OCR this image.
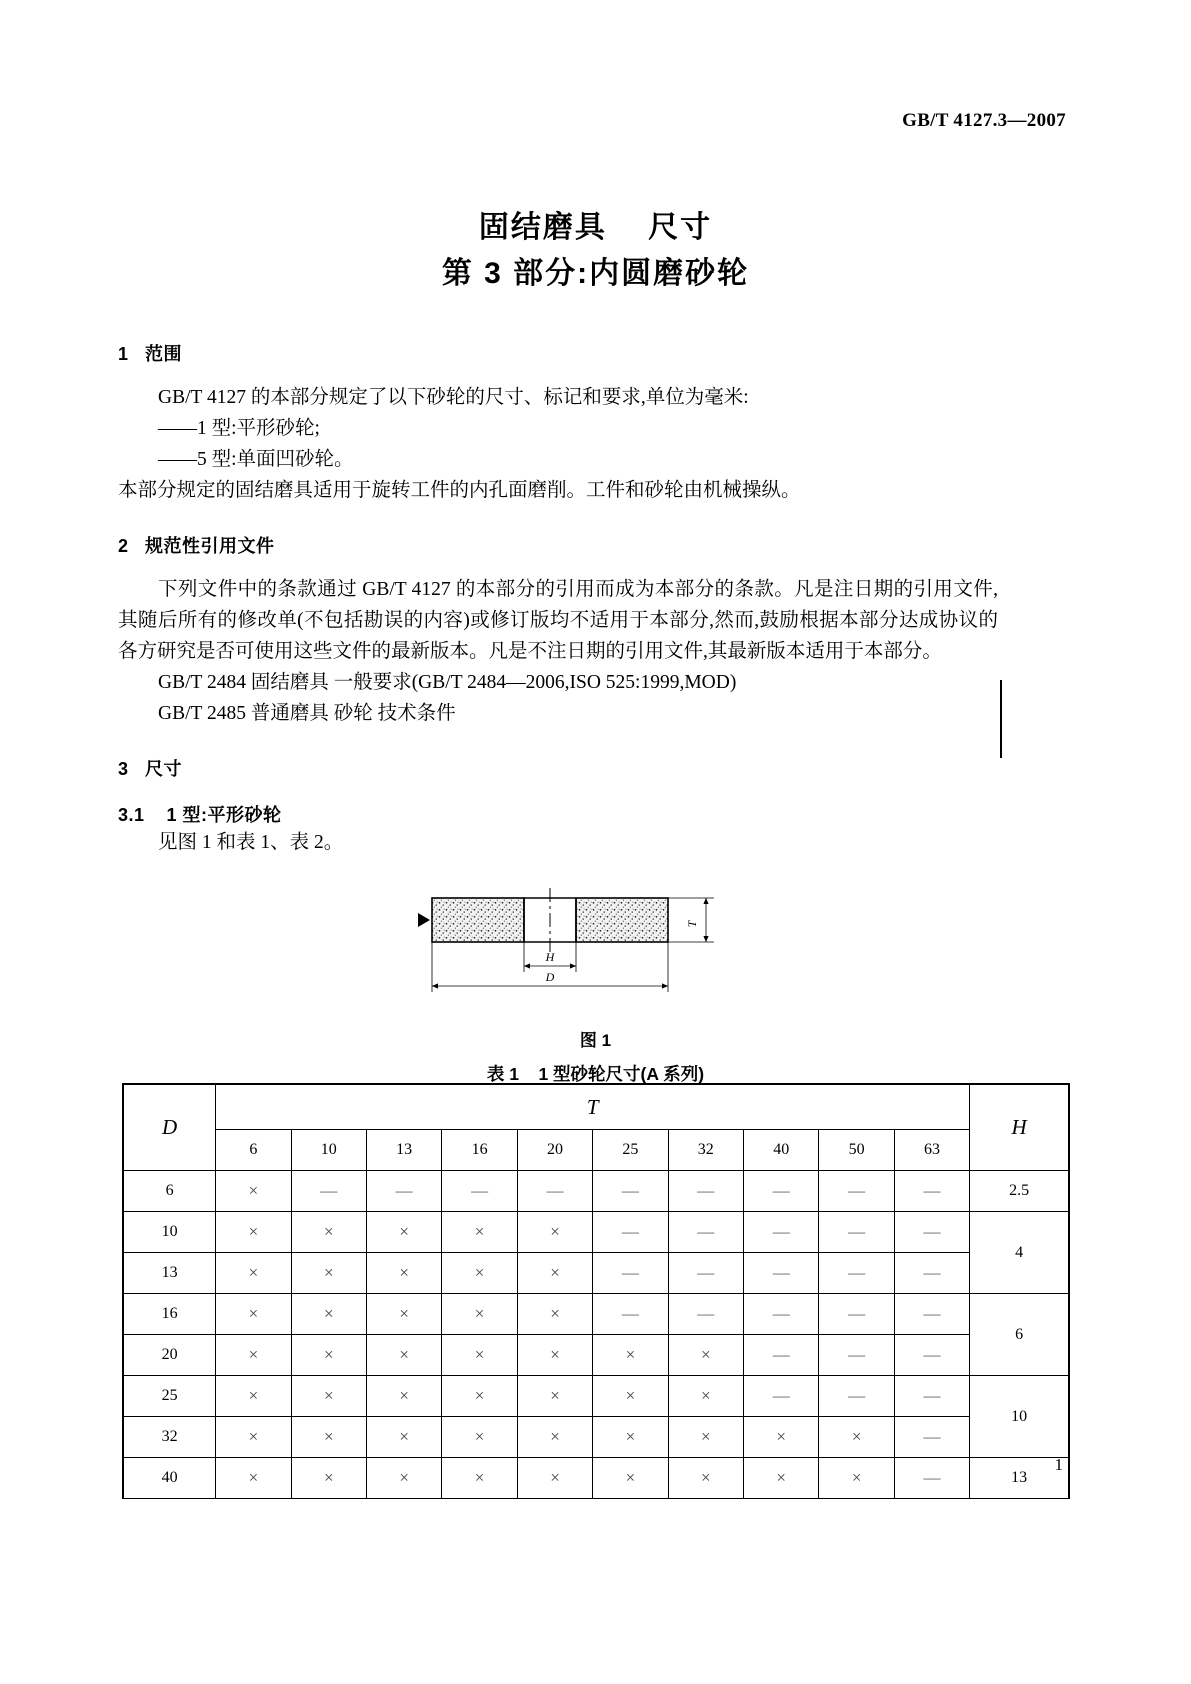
GB/T 4127.3—2007
固结磨具    尺寸
第 3 部分:内圆磨砂轮
1   范围

GB/T 4127 的本部分规定了以下砂轮的尺寸、标记和要求,单位为毫米:

——1 型:平形砂轮;

——5 型:单面凹砂轮。

本部分规定的固结磨具适用于旋转工件的内孔面磨削。工件和砂轮由机械操纵。

2   规范性引用文件

下列文件中的条款通过 GB/T 4127 的本部分的引用而成为本部分的条款。凡是注日期的引用文件,其随后所有的修改单(不包括勘误的内容)或修订版均不适用于本部分,然而,鼓励根据本部分达成协议的各方研究是否可使用这些文件的最新版本。凡是不注日期的引用文件,其最新版本适用于本部分。

GB/T 2484 固结磨具 一般要求(GB/T 2484—2006,ISO 525:1999,MOD)

GB/T 2485 普通磨具 砂轮 技术条件

3   尺寸
3.1    1 型:平形砂轮

见图 1 和表 1、表 2。

T
H
D
图 1
表 1    1 型砂轮尺寸(A 系列)
D	T										H
	6	10	13	16	20	25	32	40	50	63	
6	×	—	—	—	—	—	—	—	—	—	2.5
10	×	×	×	×	×	—	—	—	—	—	4
13	×	×	×	×	×	—	—	—	—	—	
16	×	×	×	×	×	—	—	—	—	—	6
20	×	×	×	×	×	×	×	—	—	—	
25	×	×	×	×	×	×	×	—	—	—	10
32	×	×	×	×	×	×	×	×	×	—	
40	×	×	×	×	×	×	×	×	×	—	13
1
